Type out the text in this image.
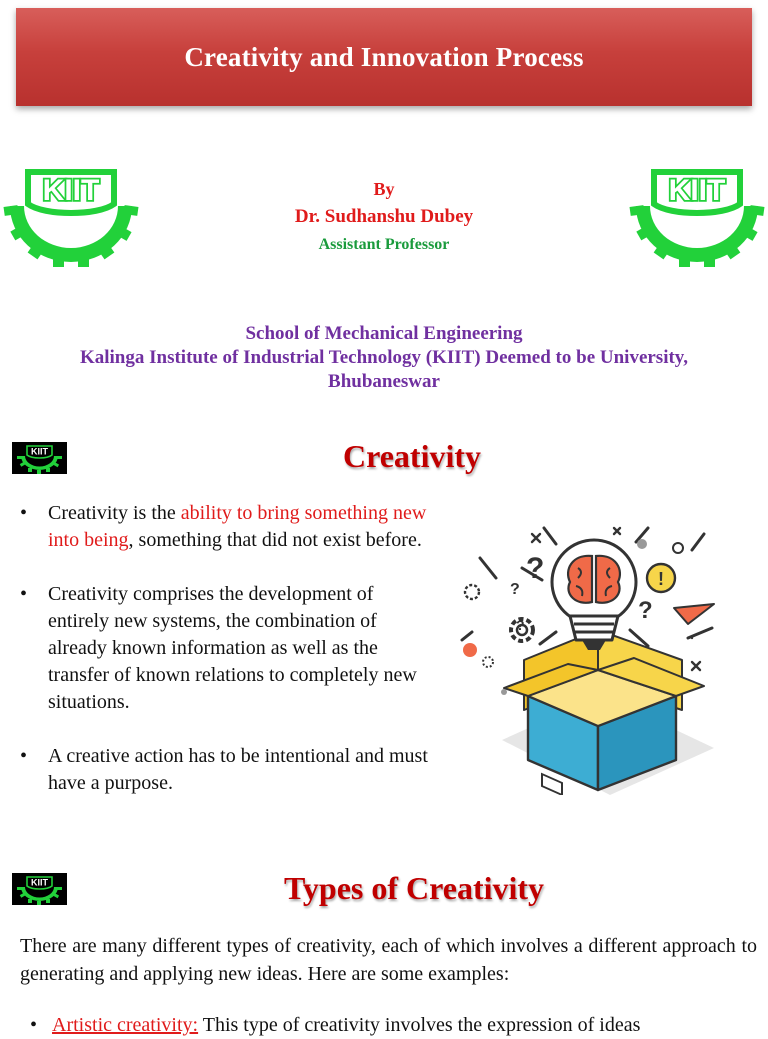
Creativity and Innovation Process
KIIT	KIIT
By
Dr. Sudhanshu Dubey
Assistant Professor
School of Mechanical Engineering
Kalinga Institute of Industrial Technology (KIIT) Deemed to be University,
Bhubaneswar
KIIT	Creativity
• Creativity is the ability to bring something new into being, something that did not exist before.
• Creativity comprises the development of entirely new systems, the combination of already known information as well as the transfer of known relations to completely new situations.
• A creative action has to be intentional and must have a purpose.
?
?
?
?
!
KIIT	Types of Creativity
There are many different types of creativity, each of which involves a different approach to generating and applying new ideas. Here are some examples:
•   Artistic creativity: This type of creativity involves the expression of ideas
